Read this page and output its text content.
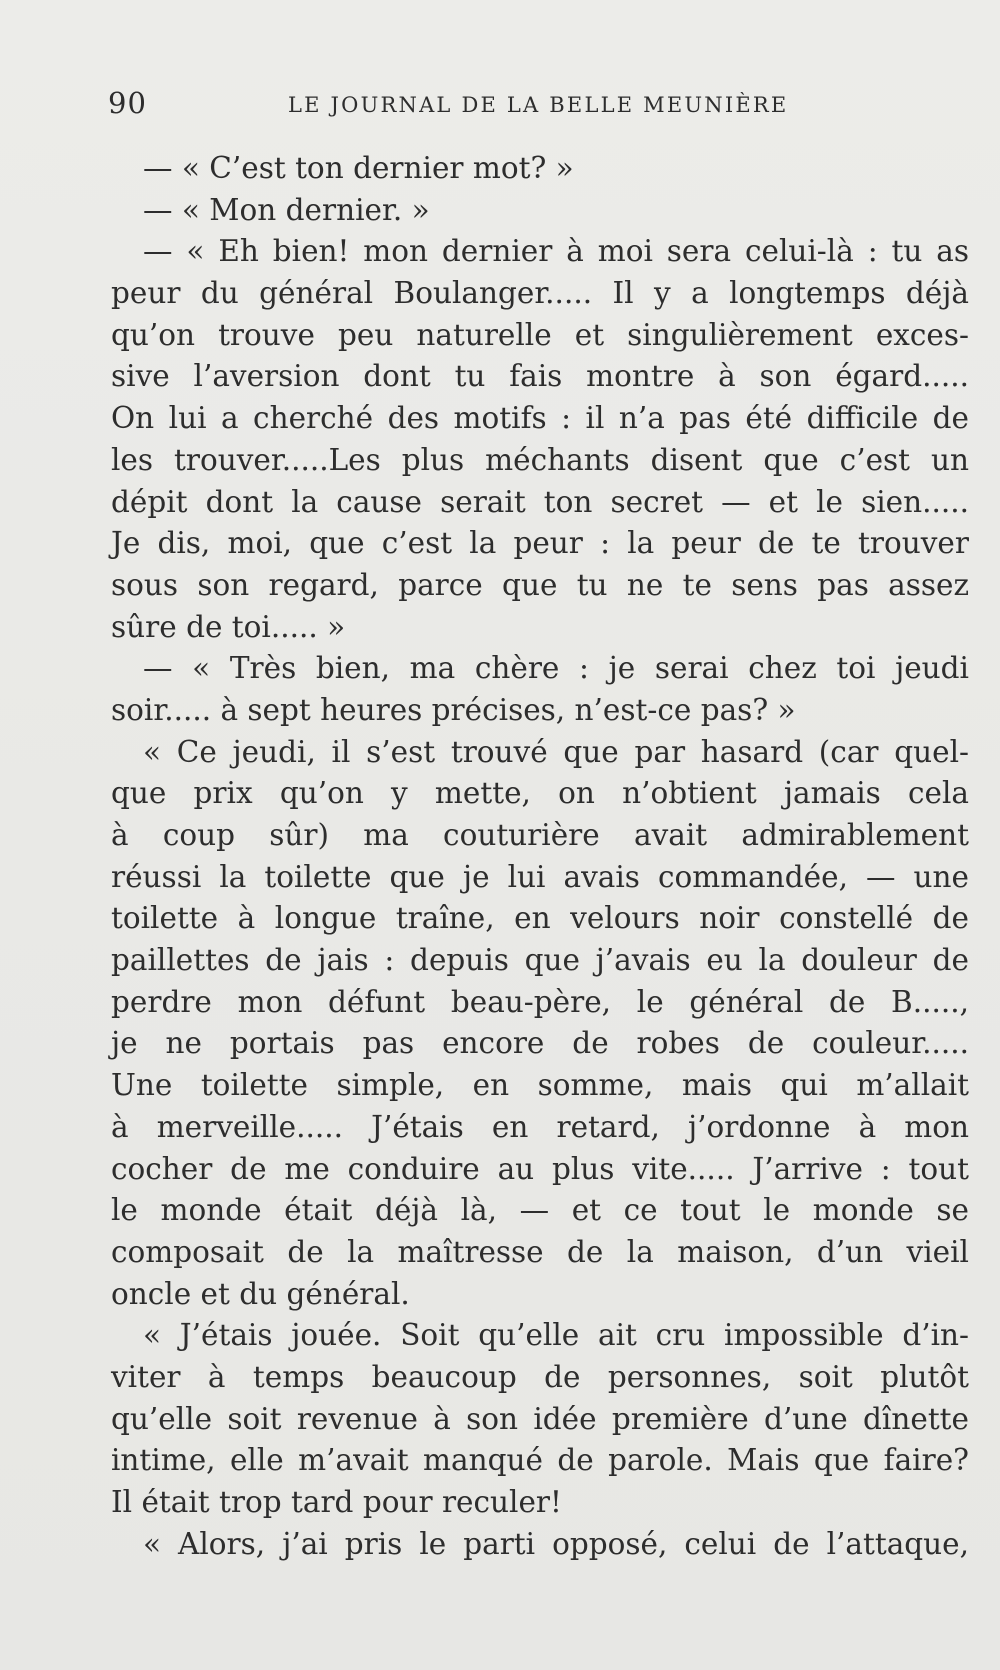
90	LE JOURNAL DE LA BELLE MEUNIÈRE
— « C’est ton dernier mot? »
— « Mon dernier. »
— « Eh bien! mon dernier à moi sera celui-là : tu as
peur du général Boulanger..... Il y a longtemps déjà
qu’on trouve peu naturelle et singulièrement exces-
sive l’aversion dont tu fais montre à son égard.....
On lui a cherché des motifs : il n’a pas été difficile de
les trouver.....Les plus méchants disent que c’est un
dépit dont la cause serait ton secret — et le sien.....
Je dis, moi, que c’est la peur : la peur de te trouver
sous son regard, parce que tu ne te sens pas assez
sûre de toi..... »
— « Très bien, ma chère : je serai chez toi jeudi
soir..... à sept heures précises, n’est-ce pas? »
« Ce jeudi, il s’est trouvé que par hasard (car quel-
que prix qu’on y mette, on n’obtient jamais cela
à coup sûr) ma couturière avait admirablement
réussi la toilette que je lui avais commandée, — une
toilette à longue traîne, en velours noir constellé de
paillettes de jais : depuis que j’avais eu la douleur de
perdre mon défunt beau-père, le général de B.....,
je ne portais pas encore de robes de couleur.....
Une toilette simple, en somme, mais qui m’allait
à merveille..... J’étais en retard, j’ordonne à mon
cocher de me conduire au plus vite..... J’arrive : tout
le monde était déjà là, — et ce tout le monde se
composait de la maîtresse de la maison, d’un vieil
oncle et du général.
« J’étais jouée. Soit qu’elle ait cru impossible d’in-
viter à temps beaucoup de personnes, soit plutôt
qu’elle soit revenue à son idée première d’une dînette
intime, elle m’avait manqué de parole. Mais que faire?
Il était trop tard pour reculer!
« Alors, j’ai pris le parti opposé, celui de l’attaque,
